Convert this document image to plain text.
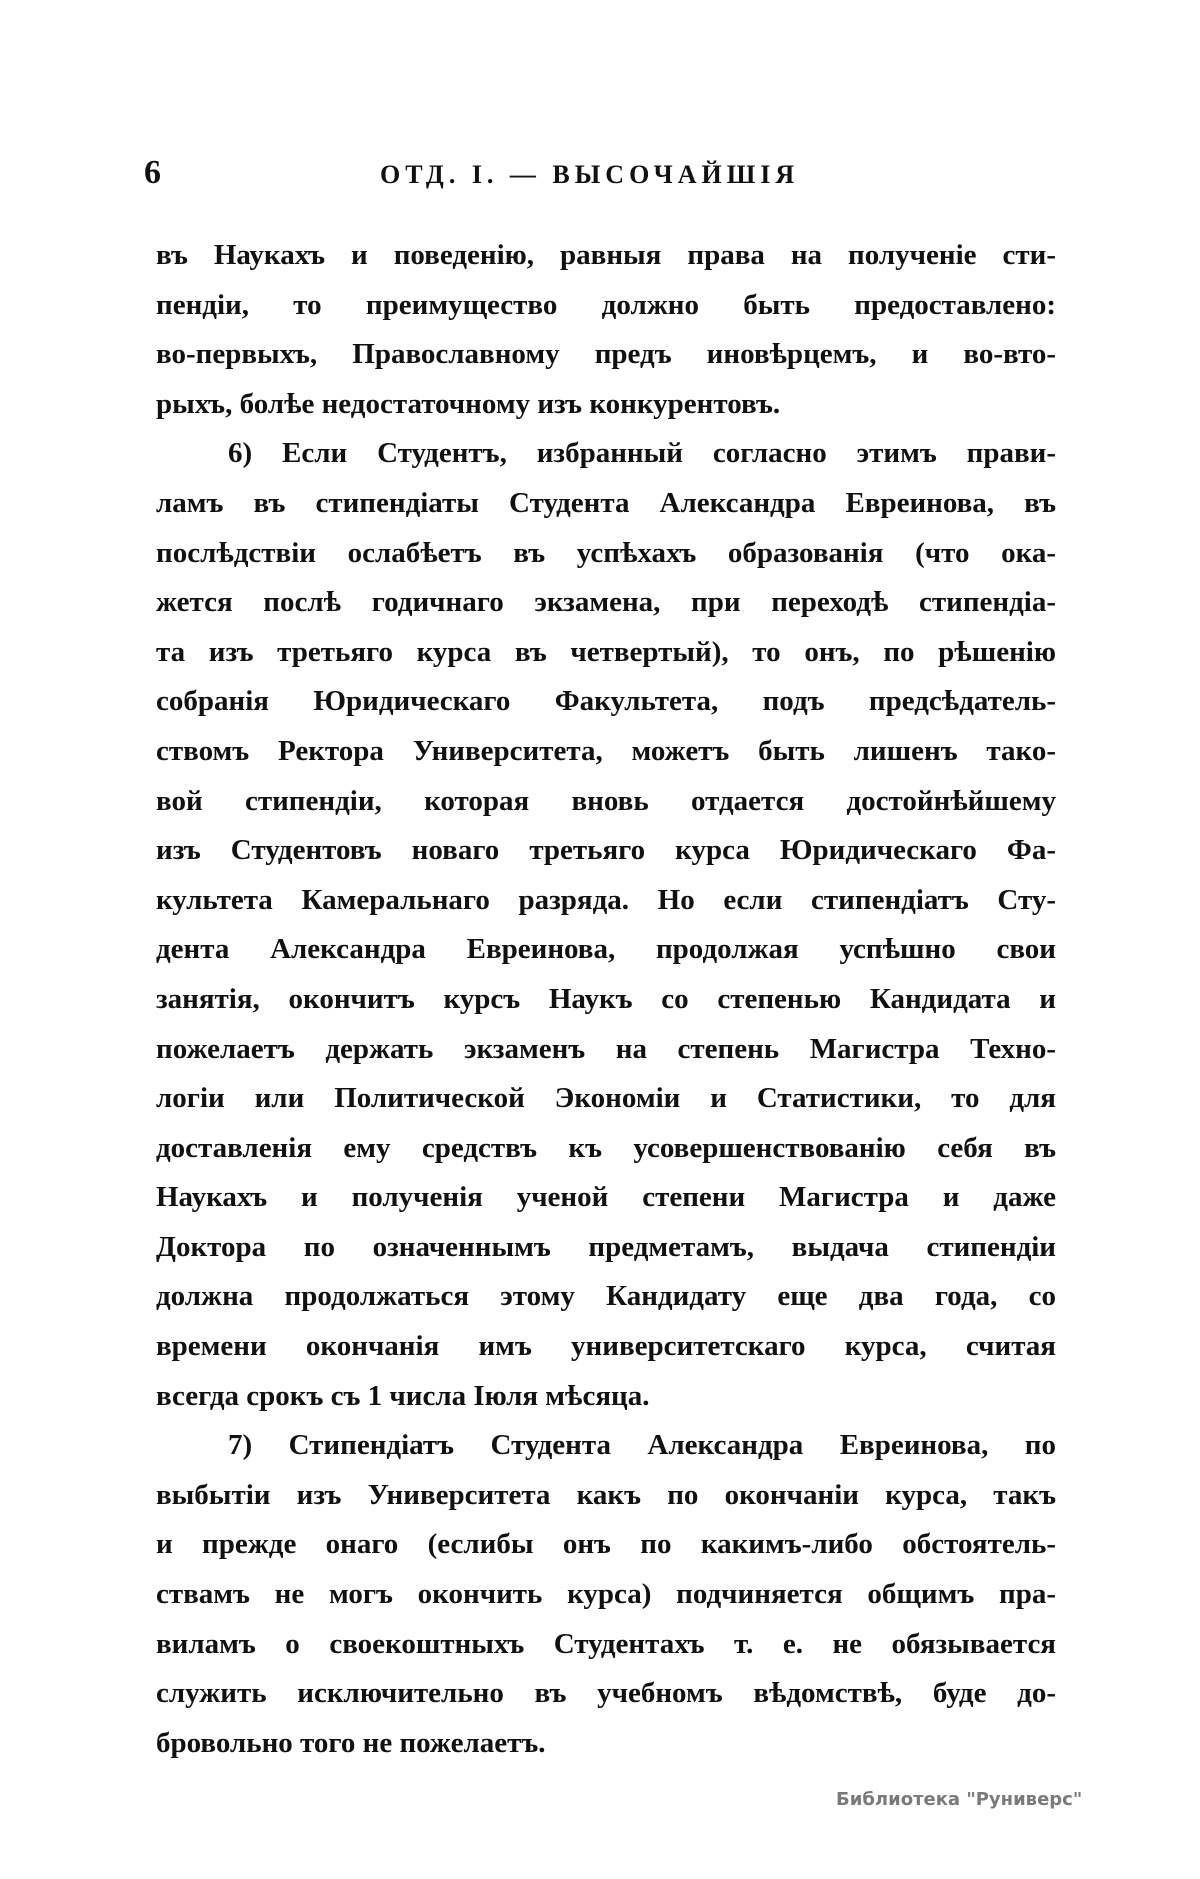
6	ОТД. I. — ВЫСОЧАЙШІЯ
въ Наукахъ и поведенію, равныя права на полученіе сти-
пендіи, то преимущество должно быть предоставлено:
во-первыхъ, Православному предъ иновѣрцемъ, и во-вто-
рыхъ, болѣе недостаточному изъ конкурентовъ.
6) Если Студентъ, избранный согласно этимъ прави-
ламъ въ стипендіаты Студента Александра Евреинова, въ
послѣдствіи ослабѣетъ въ успѣхахъ образованія (что ока-
жется послѣ годичнаго экзамена, при переходѣ стипендіа-
та изъ третьяго курса въ четвертый), то онъ, по рѣшенію
собранія Юридическаго Факультета, подъ предсѣдатель-
ствомъ Ректора Университета, можетъ быть лишенъ тако-
вой стипендіи, которая вновь отдается достойнѣйшему
изъ Студентовъ новаго третьяго курса Юридическаго Фа-
культета Камеральнаго разряда. Но если стипендіатъ Сту-
дента Александра Евреинова, продолжая успѣшно свои
занятія, окончитъ курсъ Наукъ со степенью Кандидата и
пожелаетъ держать экзаменъ на степень Магистра Техно-
логіи или Политической Экономіи и Статистики, то для
доставленія ему средствъ къ усовершенствованію себя въ
Наукахъ и полученія ученой степени Магистра и даже
Доктора по означеннымъ предметамъ, выдача стипендіи
должна продолжаться этому Кандидату еще два года, со
времени окончанія имъ университетскаго курса, считая
всегда срокъ съ 1 числа Іюля мѣсяца.
7) Стипендіатъ Студента Александра Евреинова, по
выбытіи изъ Университета какъ по окончаніи курса, такъ
и прежде онаго (еслибы онъ по какимъ-либо обстоятель-
ствамъ не могъ окончить курса) подчиняется общимъ пра-
виламъ о своекоштныхъ Студентахъ т. е. не обязывается
служить исключительно въ учебномъ вѣдомствѣ, буде до-
бровольно того не пожелаетъ.
Библиотека "Руниверс"
